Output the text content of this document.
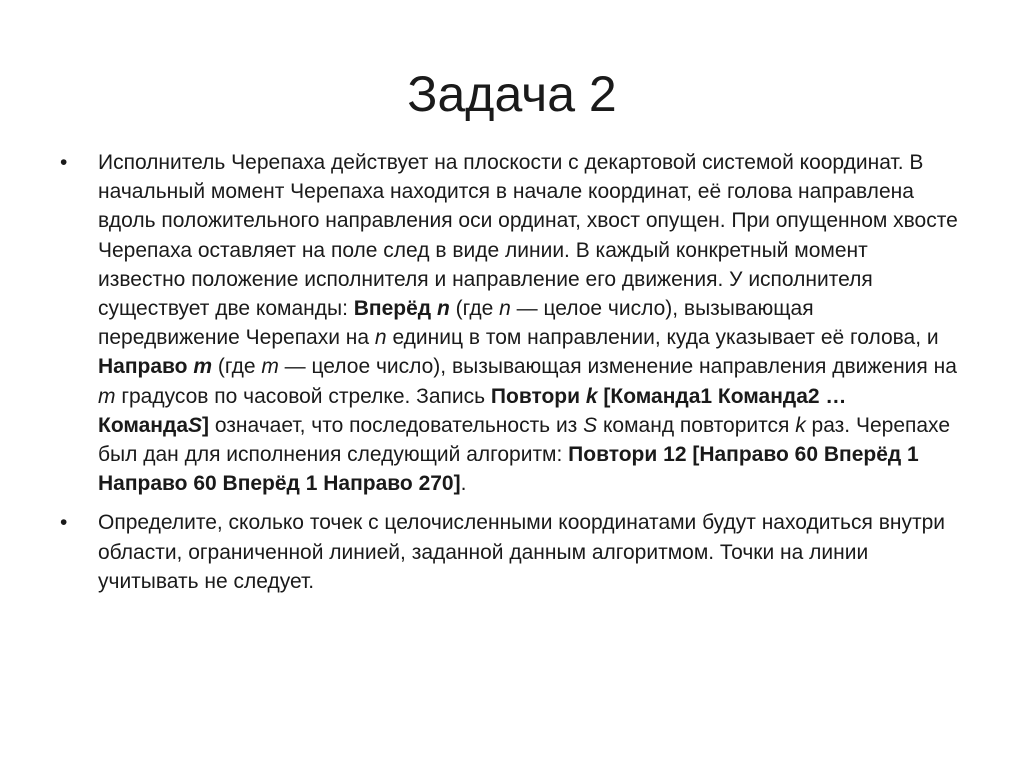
Задача 2
•	Исполнитель Черепаха действует на плоскости с декартовой системой координат. В начальный момент Черепаха находится в начале координат, её голова направлена вдоль положительного направления оси ординат, хвост опущен. При опущенном хвосте Черепаха оставляет на поле след в виде линии. В каждый конкретный момент известно положение исполнителя и направление его движения. У исполнителя существует две команды: Вперёд n (где n — целое число), вызывающая передвижение Черепахи на n единиц в том направлении, куда указывает её голова, и Направо m (где m — целое число), вызывающая изменение направления движения на m градусов по часовой стрелке. Запись Повтори k [Команда1 Команда2 … КомандаS] означает, что последовательность из S команд повторится k раз. Черепахе был дан для исполнения следующий алгоритм: Повтори 12 [Направо 60 Вперёд 1 Направо 60 Вперёд 1 Направо 270].
•	Определите, сколько точек с целочисленными координатами будут находиться внутри области, ограниченной линией, заданной данным алгоритмом. Точки на линии учитывать не следует.
